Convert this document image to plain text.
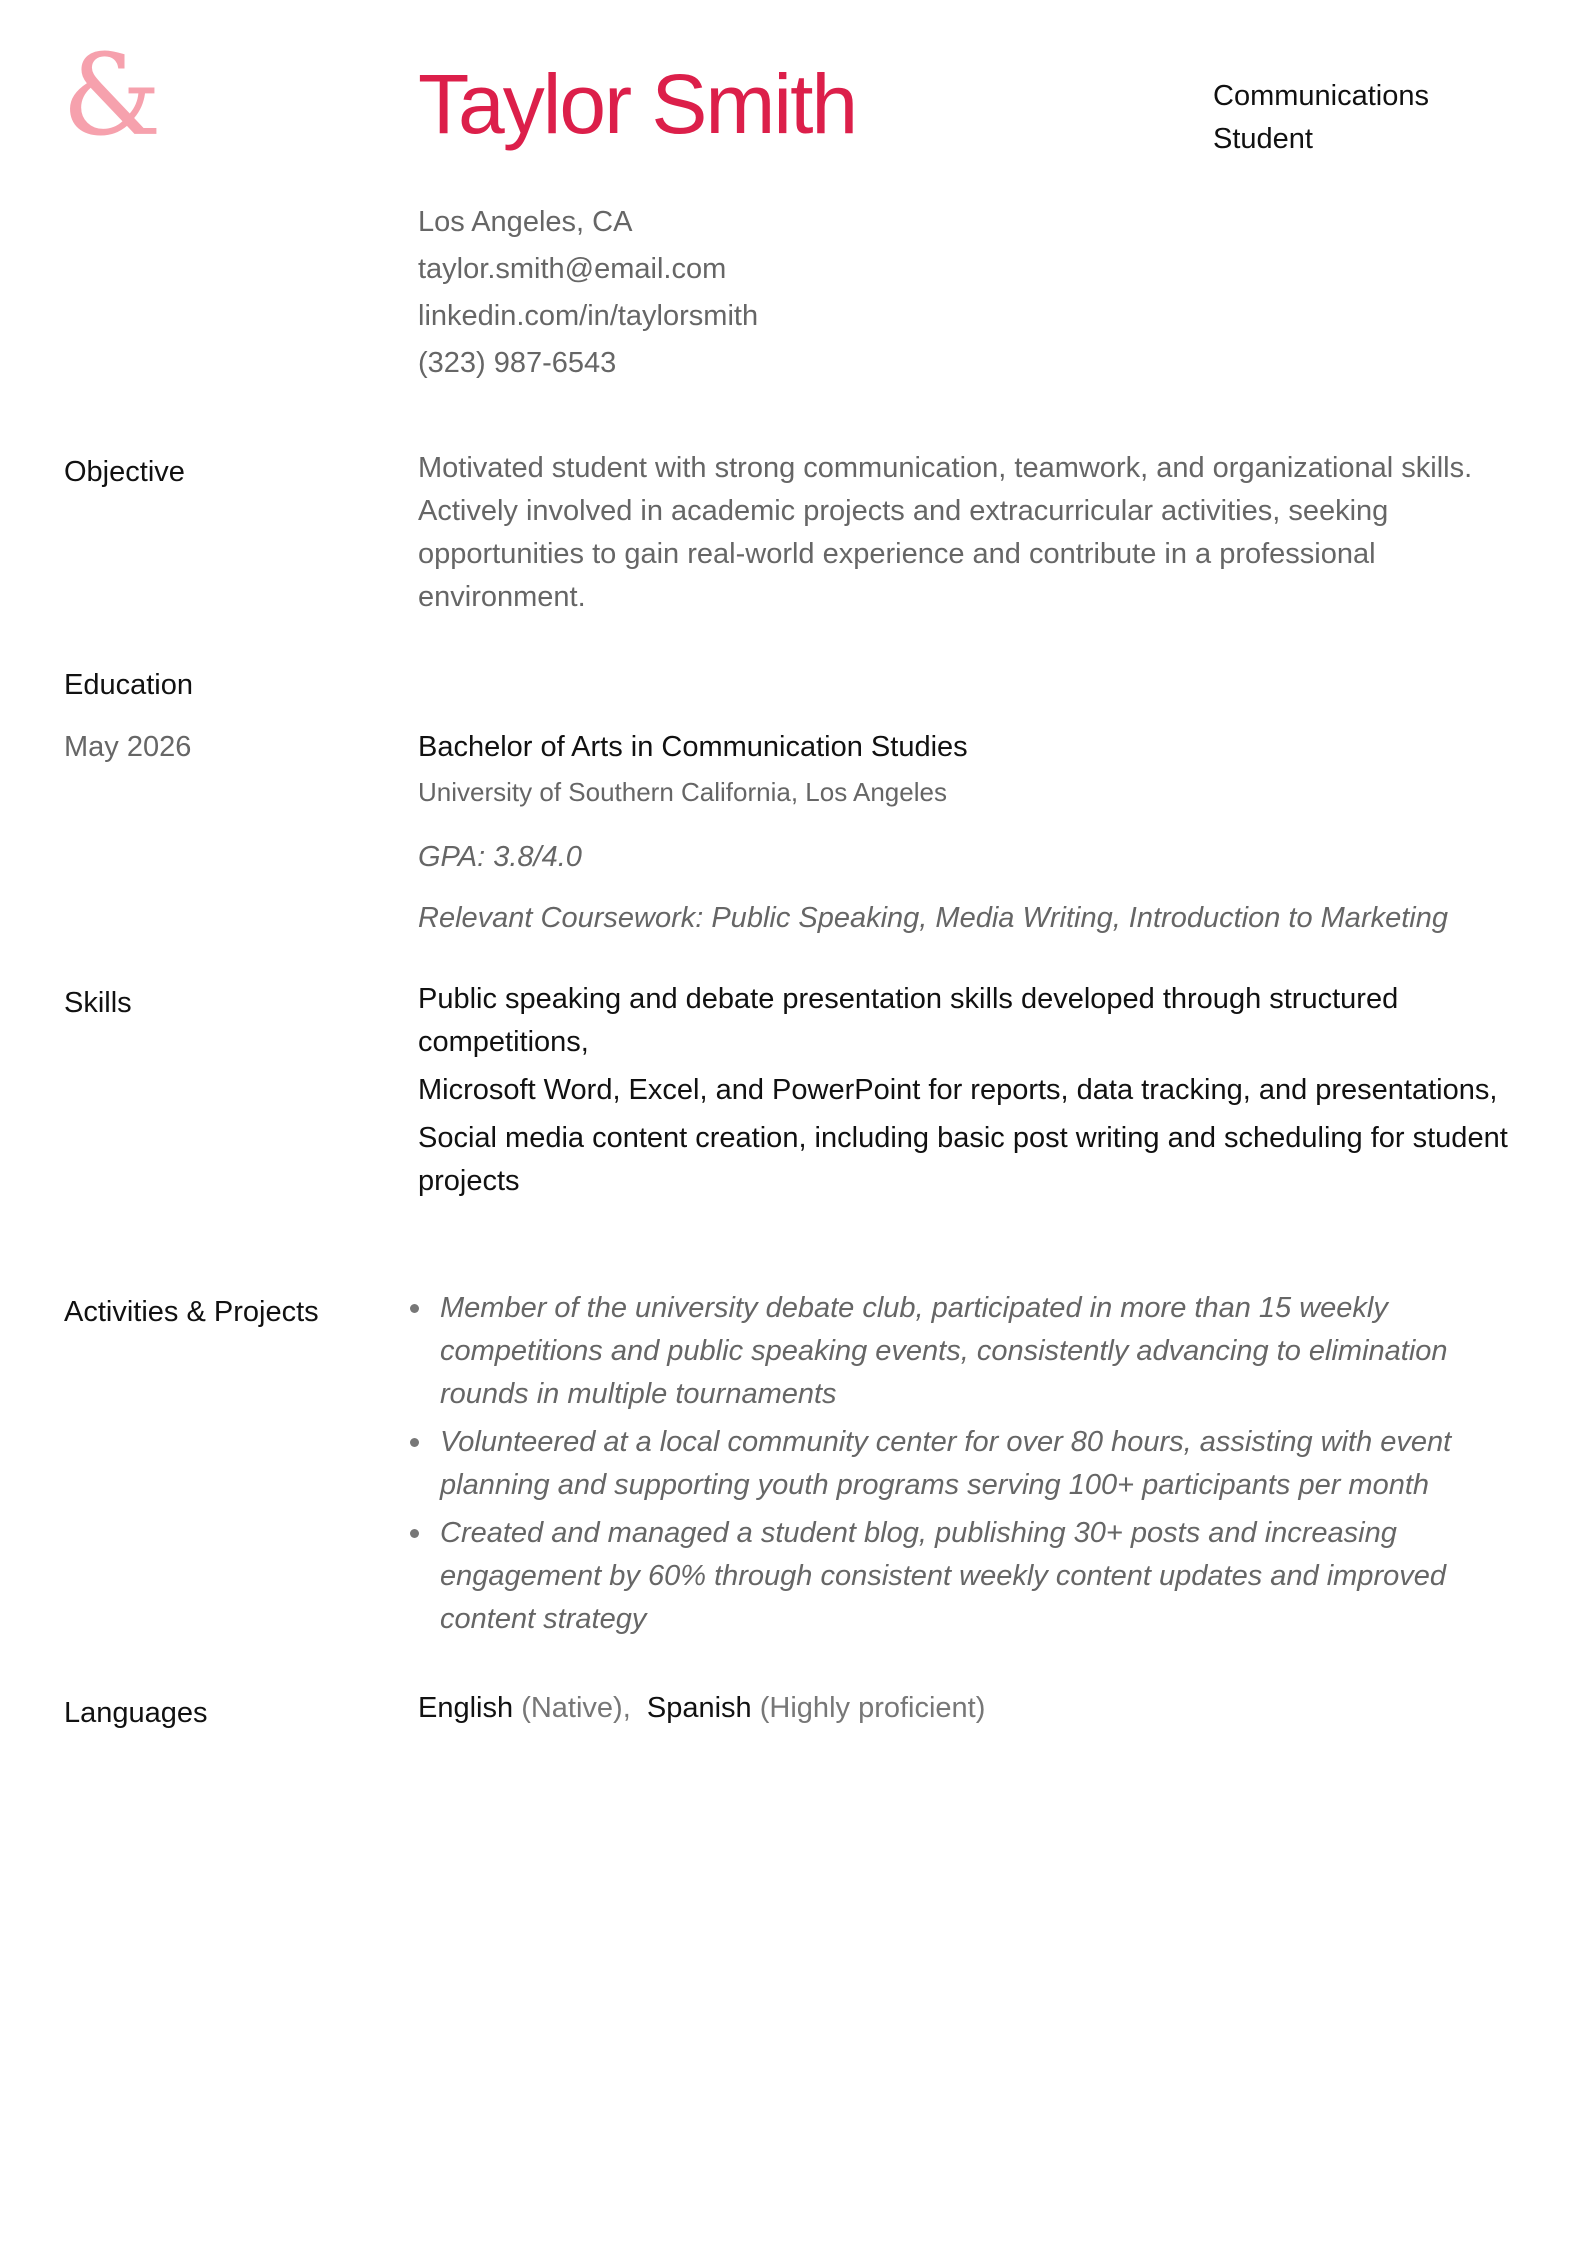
&	Taylor Smith	Communications Student
Los Angeles, CA
taylor.smith@email.com
linkedin.com/in/taylorsmith
(323) 987-6543
Objective	Motivated student with strong communication, teamwork, and organizational skills. Actively involved in academic projects and extracurricular activities, seeking opportunities to gain real-world experience and contribute in a professional environment.
Education
May 2026	Bachelor of Arts in Communication Studies
University of Southern California, Los Angeles
GPA: 3.8/4.0
Relevant Coursework: Public Speaking, Media Writing, Introduction to Marketing
Skills	Public speaking and debate presentation skills developed through structured competitions,
Microsoft Word, Excel, and PowerPoint for reports, data tracking, and presentations,
Social media content creation, including basic post writing and scheduling for student projects
Activities & Projects	Member of the university debate club, participated in more than 15 weekly competitions and public speaking events, consistently advancing to elimination rounds in multiple tournaments
Volunteered at a local community center for over 80 hours, assisting with event planning and supporting youth programs serving 100+ participants per month
Created and managed a student blog, publishing 30+ posts and increasing engagement by 60% through consistent weekly content updates and improved content strategy
Languages	English (Native), Spanish (Highly proficient)
